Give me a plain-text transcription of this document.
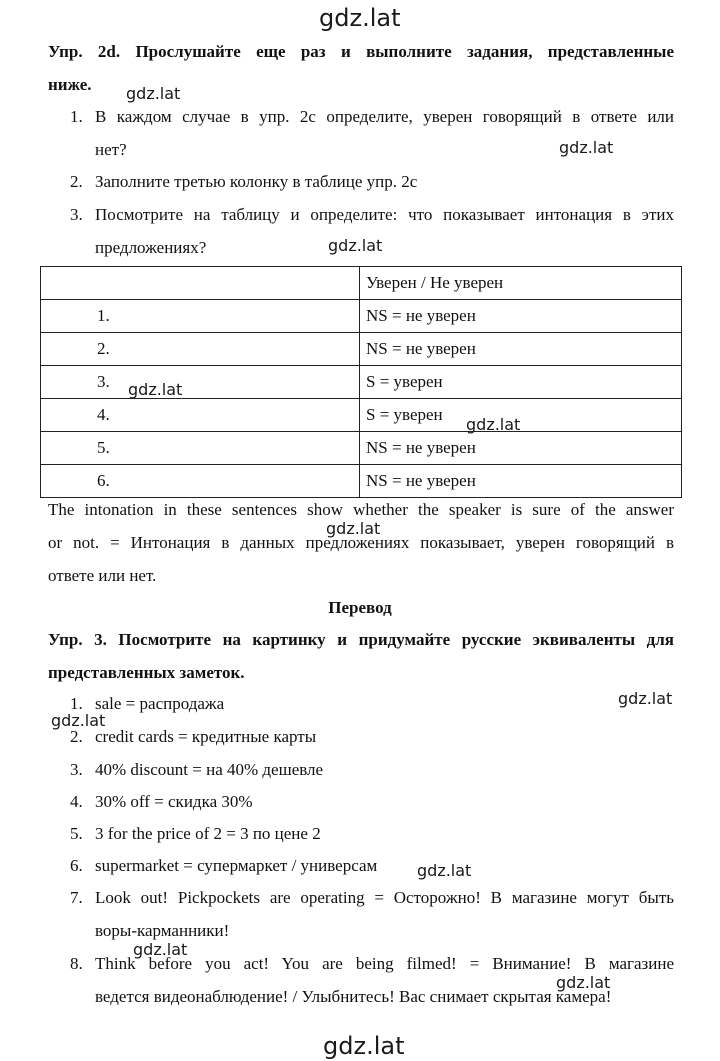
gdz.lat
gdz.lat
gdz.lat
gdz.lat
gdz.lat
gdz.lat
gdz.lat
gdz.lat
gdz.lat
gdz.lat
gdz.lat
gdz.lat
gdz.lat
Упр. 2d. Прослушайте еще раз и выполните задания, представленные
ниже.
1. В каждом случае в упр. 2с определите, уверен говорящий в ответе или
нет?
2. Заполните третью колонку в таблице упр. 2с
3. Посмотрите на таблицу и определите: что показывает интонация в этих
предложениях?
	Уверен / Не уверен
1.	NS = не уверен
2.	NS = не уверен
3.	S = уверен
4.	S = уверен
5.	NS = не уверен
6.	NS = не уверен
The intonation in these sentences show whether the speaker is sure of the answer
or not. = Интонация в данных предложениях показывает, уверен говорящий в
ответе или нет.
Перевод
Упр. 3. Посмотрите на картинку и придумайте русские эквиваленты для
представленных заметок.
1. sale = распродажа
2. credit cards = кредитные карты
3. 40% discount = на 40% дешевле
4. 30% off = скидка 30%
5. 3 for the price of 2 = 3 по цене 2
6. supermarket = супермаркет / универсам
7. Look out! Pickpockets are operating = Осторожно! В магазине могут быть
воры-карманники!
8. Think before you act! You are being filmed! = Внимание! В магазине
ведется видеонаблюдение! / Улыбнитесь! Вас снимает скрытая камера!
